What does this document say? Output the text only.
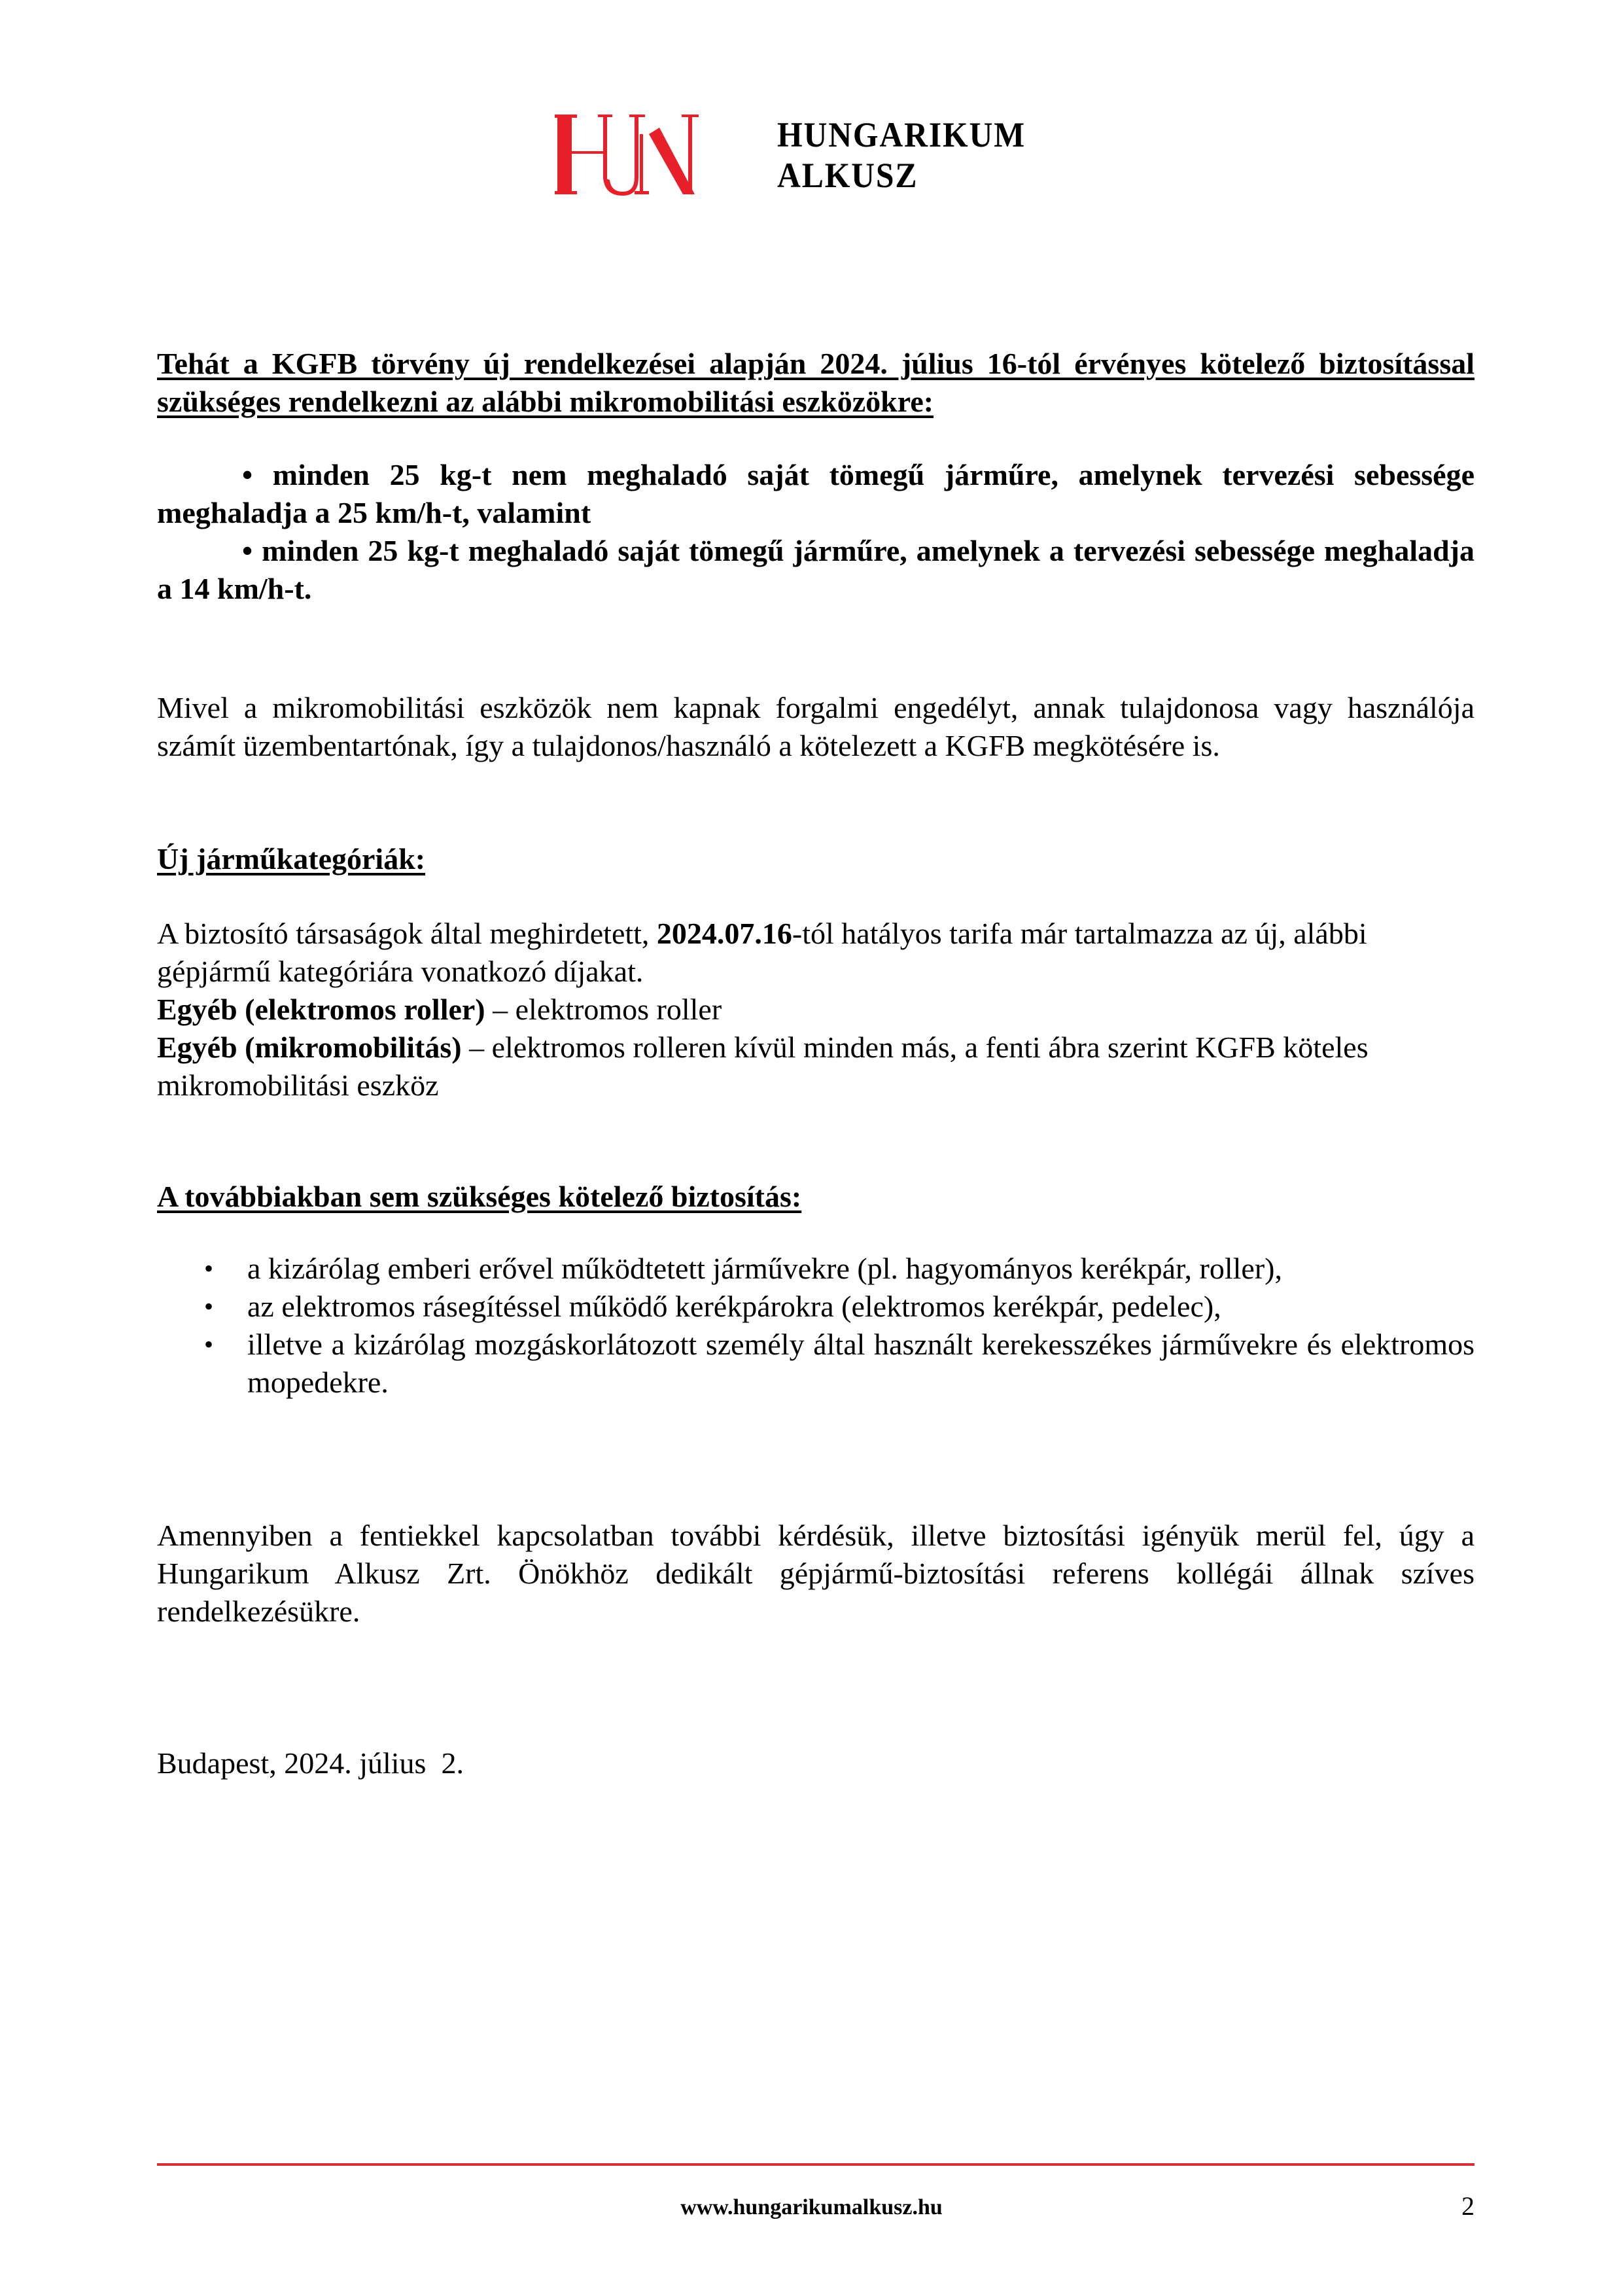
HUNGARIKUM
ALKUSZ
Tehát a KGFB törvény új rendelkezései alapján 2024. július 16-tól érvényes kötelező biztosítással szükséges rendelkezni az alábbi mikromobilitási eszközökre:

• minden 25 kg-t nem meghaladó saját tömegű járműre, amelynek tervezési sebessége meghaladja a 25 km/h-t, valamint

• minden 25 kg-t meghaladó saját tömegű járműre, amelynek a tervezési sebessége meghaladja a 14 km/h-t.

Mivel a mikromobilitási eszközök nem kapnak forgalmi engedélyt, annak tulajdonosa vagy használója számít üzembentartónak, így a tulajdonos/használó a kötelezett a KGFB megkötésére is.
Új járműkategóriák:
A biztosító társaságok által meghirdetett, 2024.07.16-tól hatályos tarifa már tartalmazza az új, alábbi gépjármű kategóriára vonatkozó díjakat.
Egyéb (elektromos roller) – elektromos roller
Egyéb (mikromobilitás) – elektromos rolleren kívül minden más, a fenti ábra szerint KGFB köteles mikromobilitási eszköz
A továbbiakban sem szükséges kötelező biztosítás:
• a kizárólag emberi erővel működtetett járművekre (pl. hagyományos kerékpár, roller),
• az elektromos rásegítéssel működő kerékpárokra (elektromos kerékpár, pedelec),
• illetve a kizárólag mozgáskorlátozott személy által használt kerekesszékes járművekre és elektromos mopedekre.
Amennyiben a fentiekkel kapcsolatban további kérdésük, illetve biztosítási igényük merül fel, úgy a Hungarikum Alkusz Zrt. Önökhöz dedikált gépjármű-biztosítási referens kollégái állnak szíves rendelkezésükre.
Budapest, 2024. július  2.
www.hungarikumalkusz.hu	2
